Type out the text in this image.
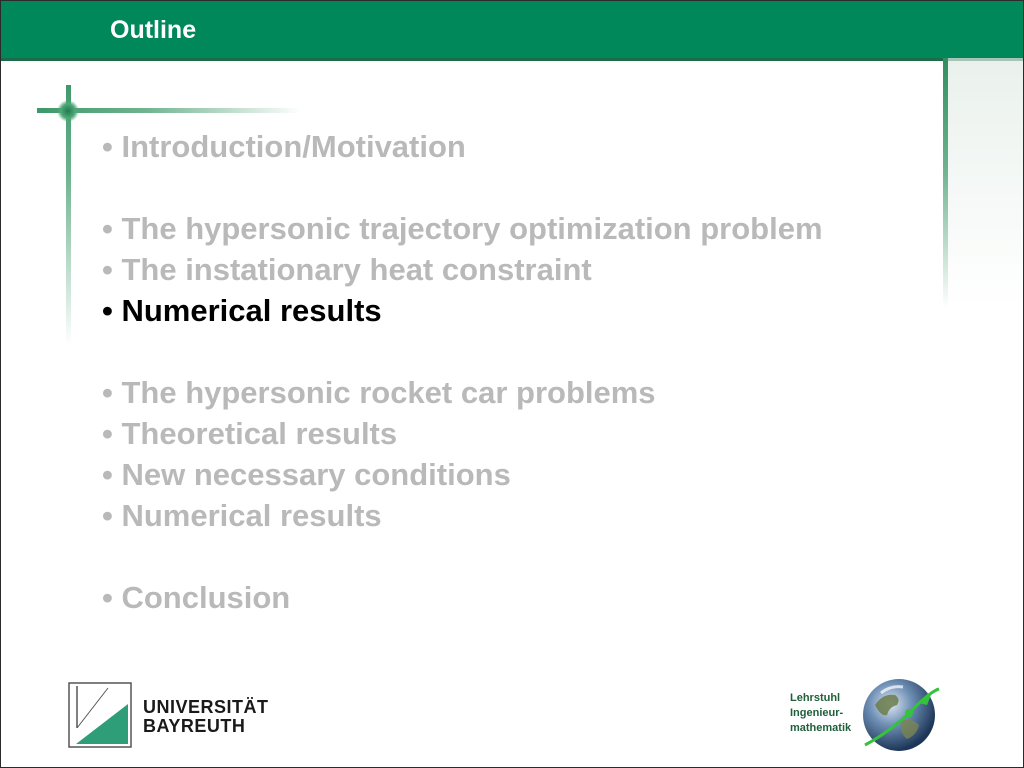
Outline
• Introduction/Motivation
• The hypersonic trajectory optimization problem
• The instationary heat constraint
• Numerical results
• The hypersonic rocket car problems
• Theoretical results
• New necessary conditions
• Numerical results
• Conclusion
UNIVERSITÄT
BAYREUTH
Lehrstuhl
Ingenieur-
mathematik
